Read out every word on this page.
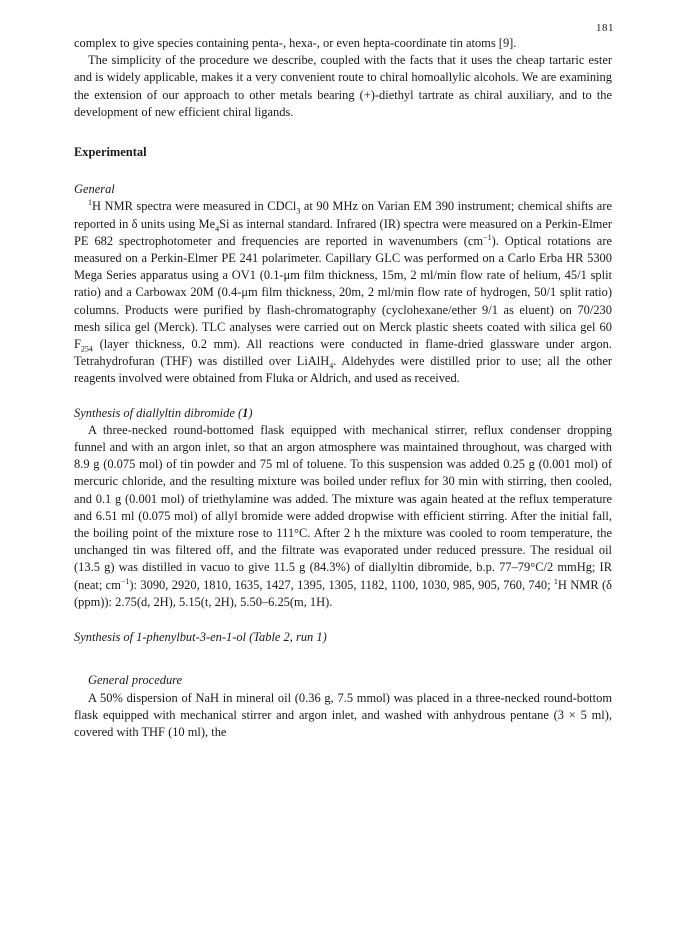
181

complex to give species containing penta-, hexa-, or even hepta-coordinate tin atoms [9].

The simplicity of the procedure we describe, coupled with the facts that it uses the cheap tartaric ester and is widely applicable, makes it a very convenient route to chiral homoallylic alcohols. We are examining the extension of our approach to other metals bearing (+)-diethyl tartrate as chiral auxiliary, and to the development of new efficient chiral ligands.

Experimental

General

$^1$H NMR spectra were measured in CDCl$_3$ at 90 MHz on Varian EM 390 instrument; chemical shifts are reported in δ units using $Me_4Si$ as internal standard. Infrared (IR) spectra were measured on a Perkin-Elmer PE 682 spectrophotometer and frequencies are reported in wavenumbers $(cm^{-1})$. Optical rotations are measured on a Perkin-Elmer PE 241 polarimeter. Capillary GLC was performed on a Carlo Erba HR 5300 Mega Series apparatus using a OV1 (0.1-μm film thickness, 15m, 2 ml/min flow rate of helium, 45/1 split ratio) and a Carbowax 20M (0.4-μm film thickness, 20m, 2 ml/min flow rate of hydrogen, 50/1 split ratio) columns. Products were purified by flash-chromatography (cyclohexane/ether 9/1 as eluent) on 70/230 mesh silica gel (Merck). TLC analyses were carried out on Merck plastic sheets coated with silica gel 60 $F_{254}$ (layer thickness, 0.2 mm). All reactions were conducted in flame-dried glassware under argon. Tetrahydrofuran (THF) was distilled over LiAlH$_4$. Aldehydes were distilled prior to use; all the other reagents involved were obtained from Fluka or Aldrich, and used as received.

Synthesis of diallyltin dibromide (1)

A three-necked round-bottomed flask equipped with mechanical stirrer, reflux condenser dropping funnel and with an argon inlet, so that an argon atmosphere was maintained throughout, was charged with 8.9 g (0.075 mol) of tin powder and 75 ml of toluene. To this suspension was added 0.25 g (0.001 mol) of mercuric chloride, and the resulting mixture was boiled under reflux for 30 min with stirring, then cooled, and 0.1 g (0.001 mol) of triethylamine was added. The mixture was again heated at the reflux temperature and 6.51 ml (0.075 mol) of allyl bromide were added dropwise with efficient stirring. After the initial fall, the boiling point of the mixture rose to 111°C. After 2 h the mixture was cooled to room temperature, the unchanged tin was filtered off, and the filtrate was evaporated under reduced pressure. The residual oil (13.5 g) was distilled in vacuo to give 11.5 g (84.3%) of diallyltin dibromide, b.p. 77–79°C/2 mmHg; IR (neat; $cm^{-1}$): 3090, 2920, 1810, 1635, 1427, 1395, 1305, 1182, 1100, 1030, 985, 905, 760, 740; $^1$H NMR (δ (ppm)): 2.75(d, 2H), 5.15(t, 2H), 5.50–6.25(m, 1H).

Synthesis of 1-phenylbut-3-en-1-ol (Table 2, run 1)

General procedure

A 50% dispersion of NaH in mineral oil (0.36 g, 7.5 mmol) was placed in a three-necked round-bottom flask equipped with mechanical stirrer and argon inlet, and washed with anhydrous pentane (3 × 5 ml), covered with THF (10 ml), the
